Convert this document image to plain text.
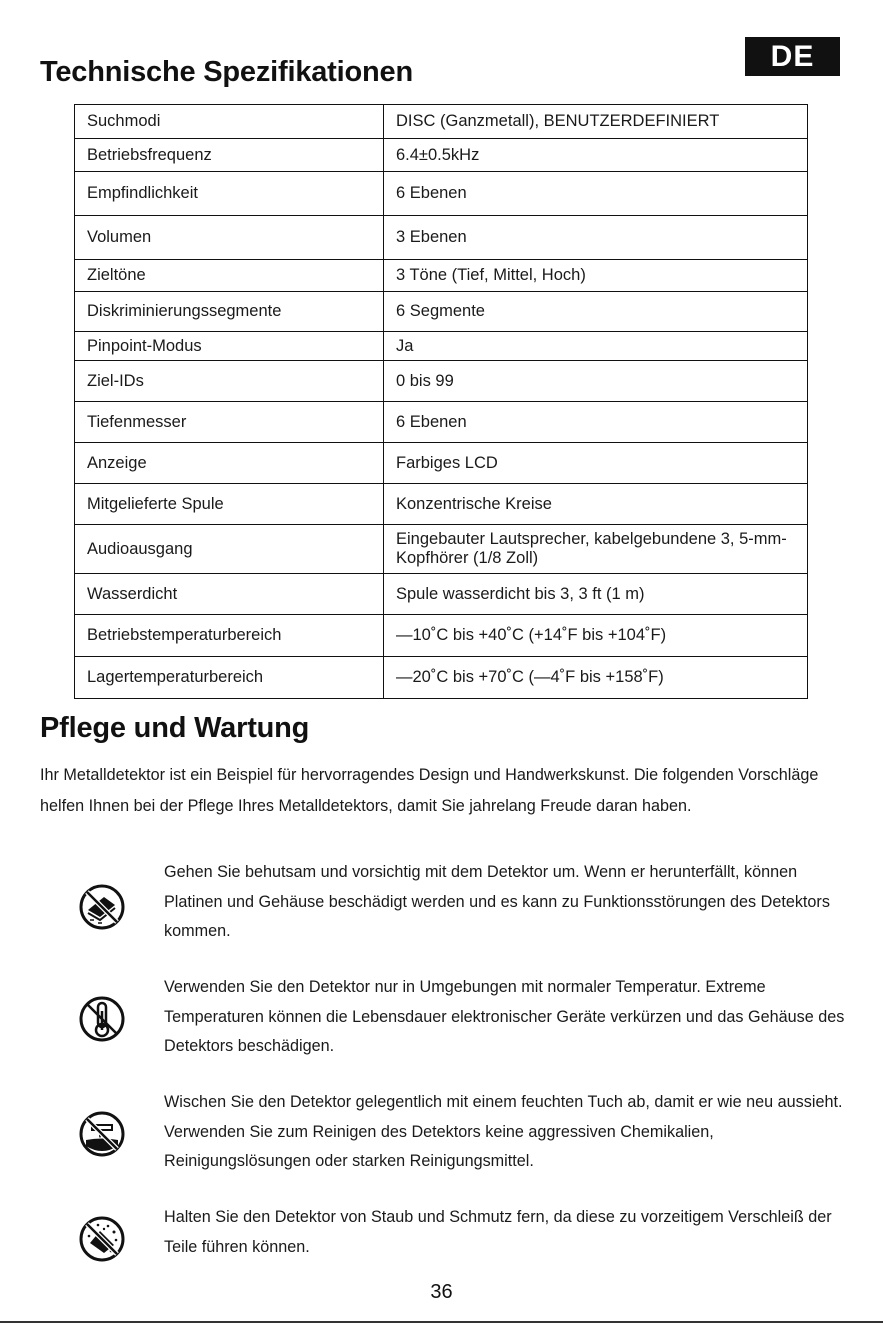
DE
Technische Spezifikationen
Suchmodi	DISC (Ganzmetall), BENUTZERDEFINIERT
Betriebsfrequenz	6.4±0.5kHz
Empfindlichkeit	6 Ebenen
Volumen	3 Ebenen
Zieltöne	3 Töne (Tief, Mittel, Hoch)
Diskriminierungssegmente	6 Segmente
Pinpoint-Modus	Ja
Ziel-IDs	0 bis 99
Tiefenmesser	6 Ebenen
Anzeige	Farbiges LCD
Mitgelieferte Spule	Konzentrische Kreise
Audioausgang	Eingebauter Lautsprecher, kabelgebundene 3, 5-mm-Kopfhörer (1/8 Zoll)
Wasserdicht	Spule wasserdicht bis 3, 3 ft (1 m)
Betriebstemperaturbereich	—10˚C bis +40˚C (+14˚F bis +104˚F)
Lagertemperaturbereich	—20˚C bis +70˚C (—4˚F bis +158˚F)
Pflege und Wartung

Ihr Metalldetektor ist ein Beispiel für hervorragendes Design und Handwerkskunst. Die folgenden Vorschläge helfen Ihnen bei der Pflege Ihres Metalldetektors, damit Sie jahrelang Freude daran haben.

Gehen Sie behutsam und vorsichtig mit dem Detektor um. Wenn er herunterfällt, können Platinen und Gehäuse beschädigt werden und es kann zu Funktionsstörungen des Detektors kommen.

Verwenden Sie den Detektor nur in Umgebungen mit normaler Temperatur. Extreme Temperaturen können die Lebensdauer elektronischer Geräte verkürzen und das Gehäuse des Detektors beschädigen.

Wischen Sie den Detektor gelegentlich mit einem feuchten Tuch ab, damit er wie neu aussieht. Verwenden Sie zum Reinigen des Detektors keine aggressiven Chemikalien, Reinigungslösungen oder starken Reinigungsmittel.

Halten Sie den Detektor von Staub und Schmutz fern, da diese zu vorzeitigem Verschleiß der Teile führen können.

36
